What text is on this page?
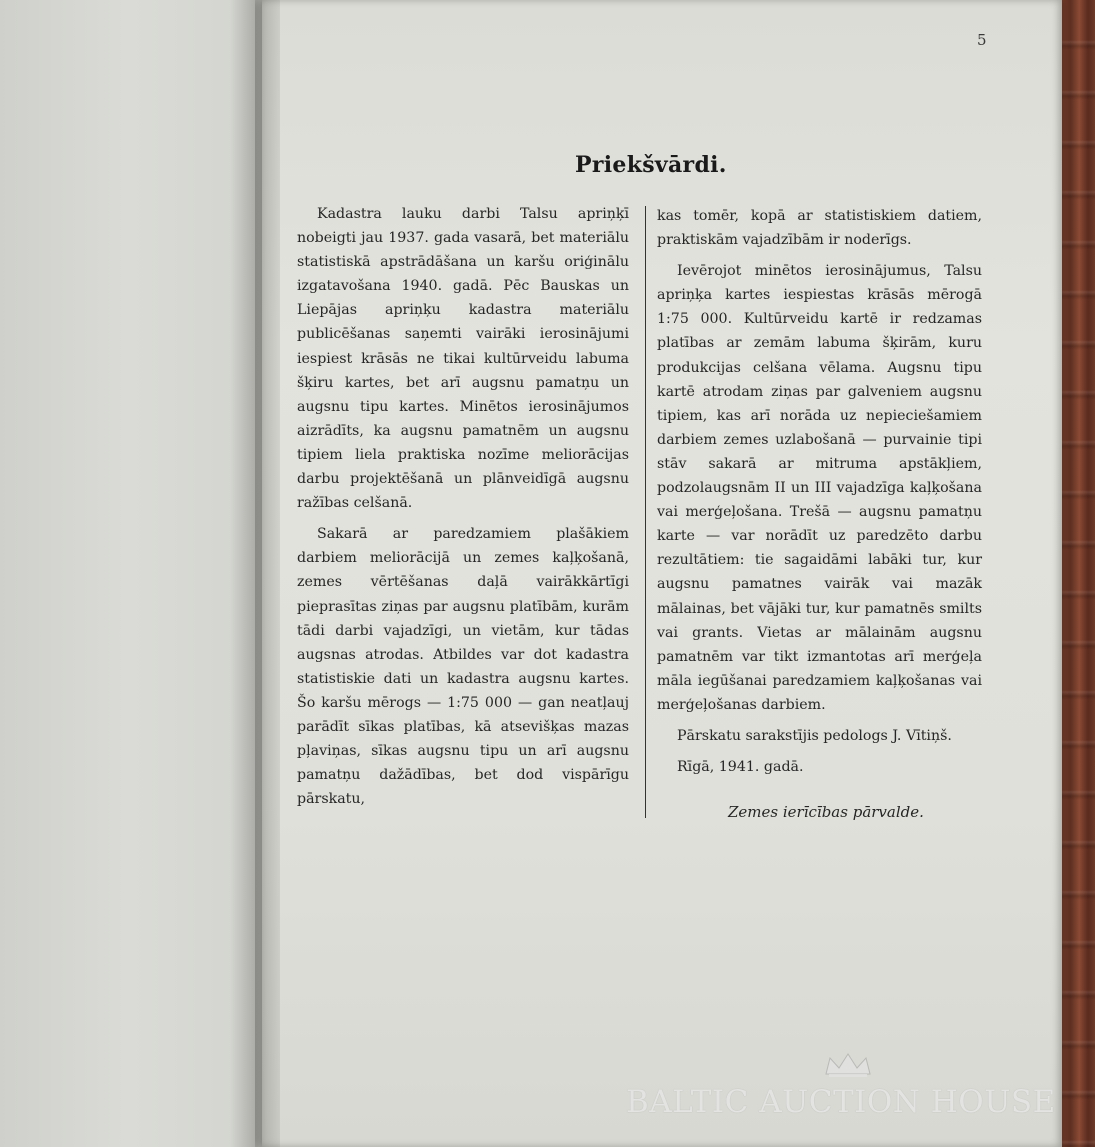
5
Priekšvārdi.

Kadastra lauku darbi Talsu apriņķī nobeigti jau 1937. gada vasarā, bet materiālu statistiskā apstrādāšana un karšu oriģinālu izgatavošana 1940. gadā. Pēc Bauskas un Liepājas apriņķu kadastra materiālu publicēšanas saņemti vairāki ierosinājumi iespiest krāsās ne tikai kultūrveidu labuma šķiru kartes, bet arī augsnu pamatņu un augsnu tipu kartes. Minētos ierosinājumos aizrādīts, ka augsnu pamatnēm un augsnu tipiem liela praktiska nozīme meliorācijas darbu projektēšanā un plānveidīgā augsnu ražības celšanā.

Sakarā ar paredzamiem plašākiem darbiem meliorācijā un zemes kaļķošanā, zemes vērtēšanas daļā vairākkārtīgi pieprasītas ziņas par augsnu platībām, kurām tādi darbi vajadzīgi, un vietām, kur tādas augsnas atrodas. Atbildes var dot kadastra statistiskie dati un kadastra augsnu kartes. Šo karšu mērogs — 1:75 000 — gan neatļauj parādīt sīkas platības, kā atsevišķas mazas pļaviņas, sīkas augsnu tipu un arī augsnu pamatņu dažādības, bet dod vispārīgu pārskatu,

kas tomēr, kopā ar statistiskiem datiem, praktiskām vajadzībām ir noderīgs.

Ievērojot minētos ierosinājumus, Talsu apriņķa kartes iespiestas krāsās mērogā 1:75 000. Kultūrveidu kartē ir redzamas platības ar zemām labuma šķirām, kuru produkcijas celšana vēlama. Augsnu tipu kartē atrodam ziņas par galveniem augsnu tipiem, kas arī norāda uz nepieciešamiem darbiem zemes uzlabošanā — purvainie tipi stāv sakarā ar mitruma apstākļiem, podzolaugsnām II un III vajadzīga kaļķošana vai merģeļošana. Trešā — augsnu pamatņu karte — var norādīt uz paredzēto darbu rezultātiem: tie sagaidāmi labāki tur, kur augsnu pamatnes vairāk vai mazāk mālainas, bet vājāki tur, kur pamatnēs smilts vai grants. Vietas ar mālainām augsnu pamatnēm var tikt izmantotas arī merģeļa māla iegūšanai paredzamiem kaļķošanas vai merģeļošanas darbiem.

Pārskatu sarakstījis pedologs J. Vītiņš.

Rīgā, 1941. gadā.

Zemes ierīcības pārvalde.
BALTIC AUCTION HOUSE
